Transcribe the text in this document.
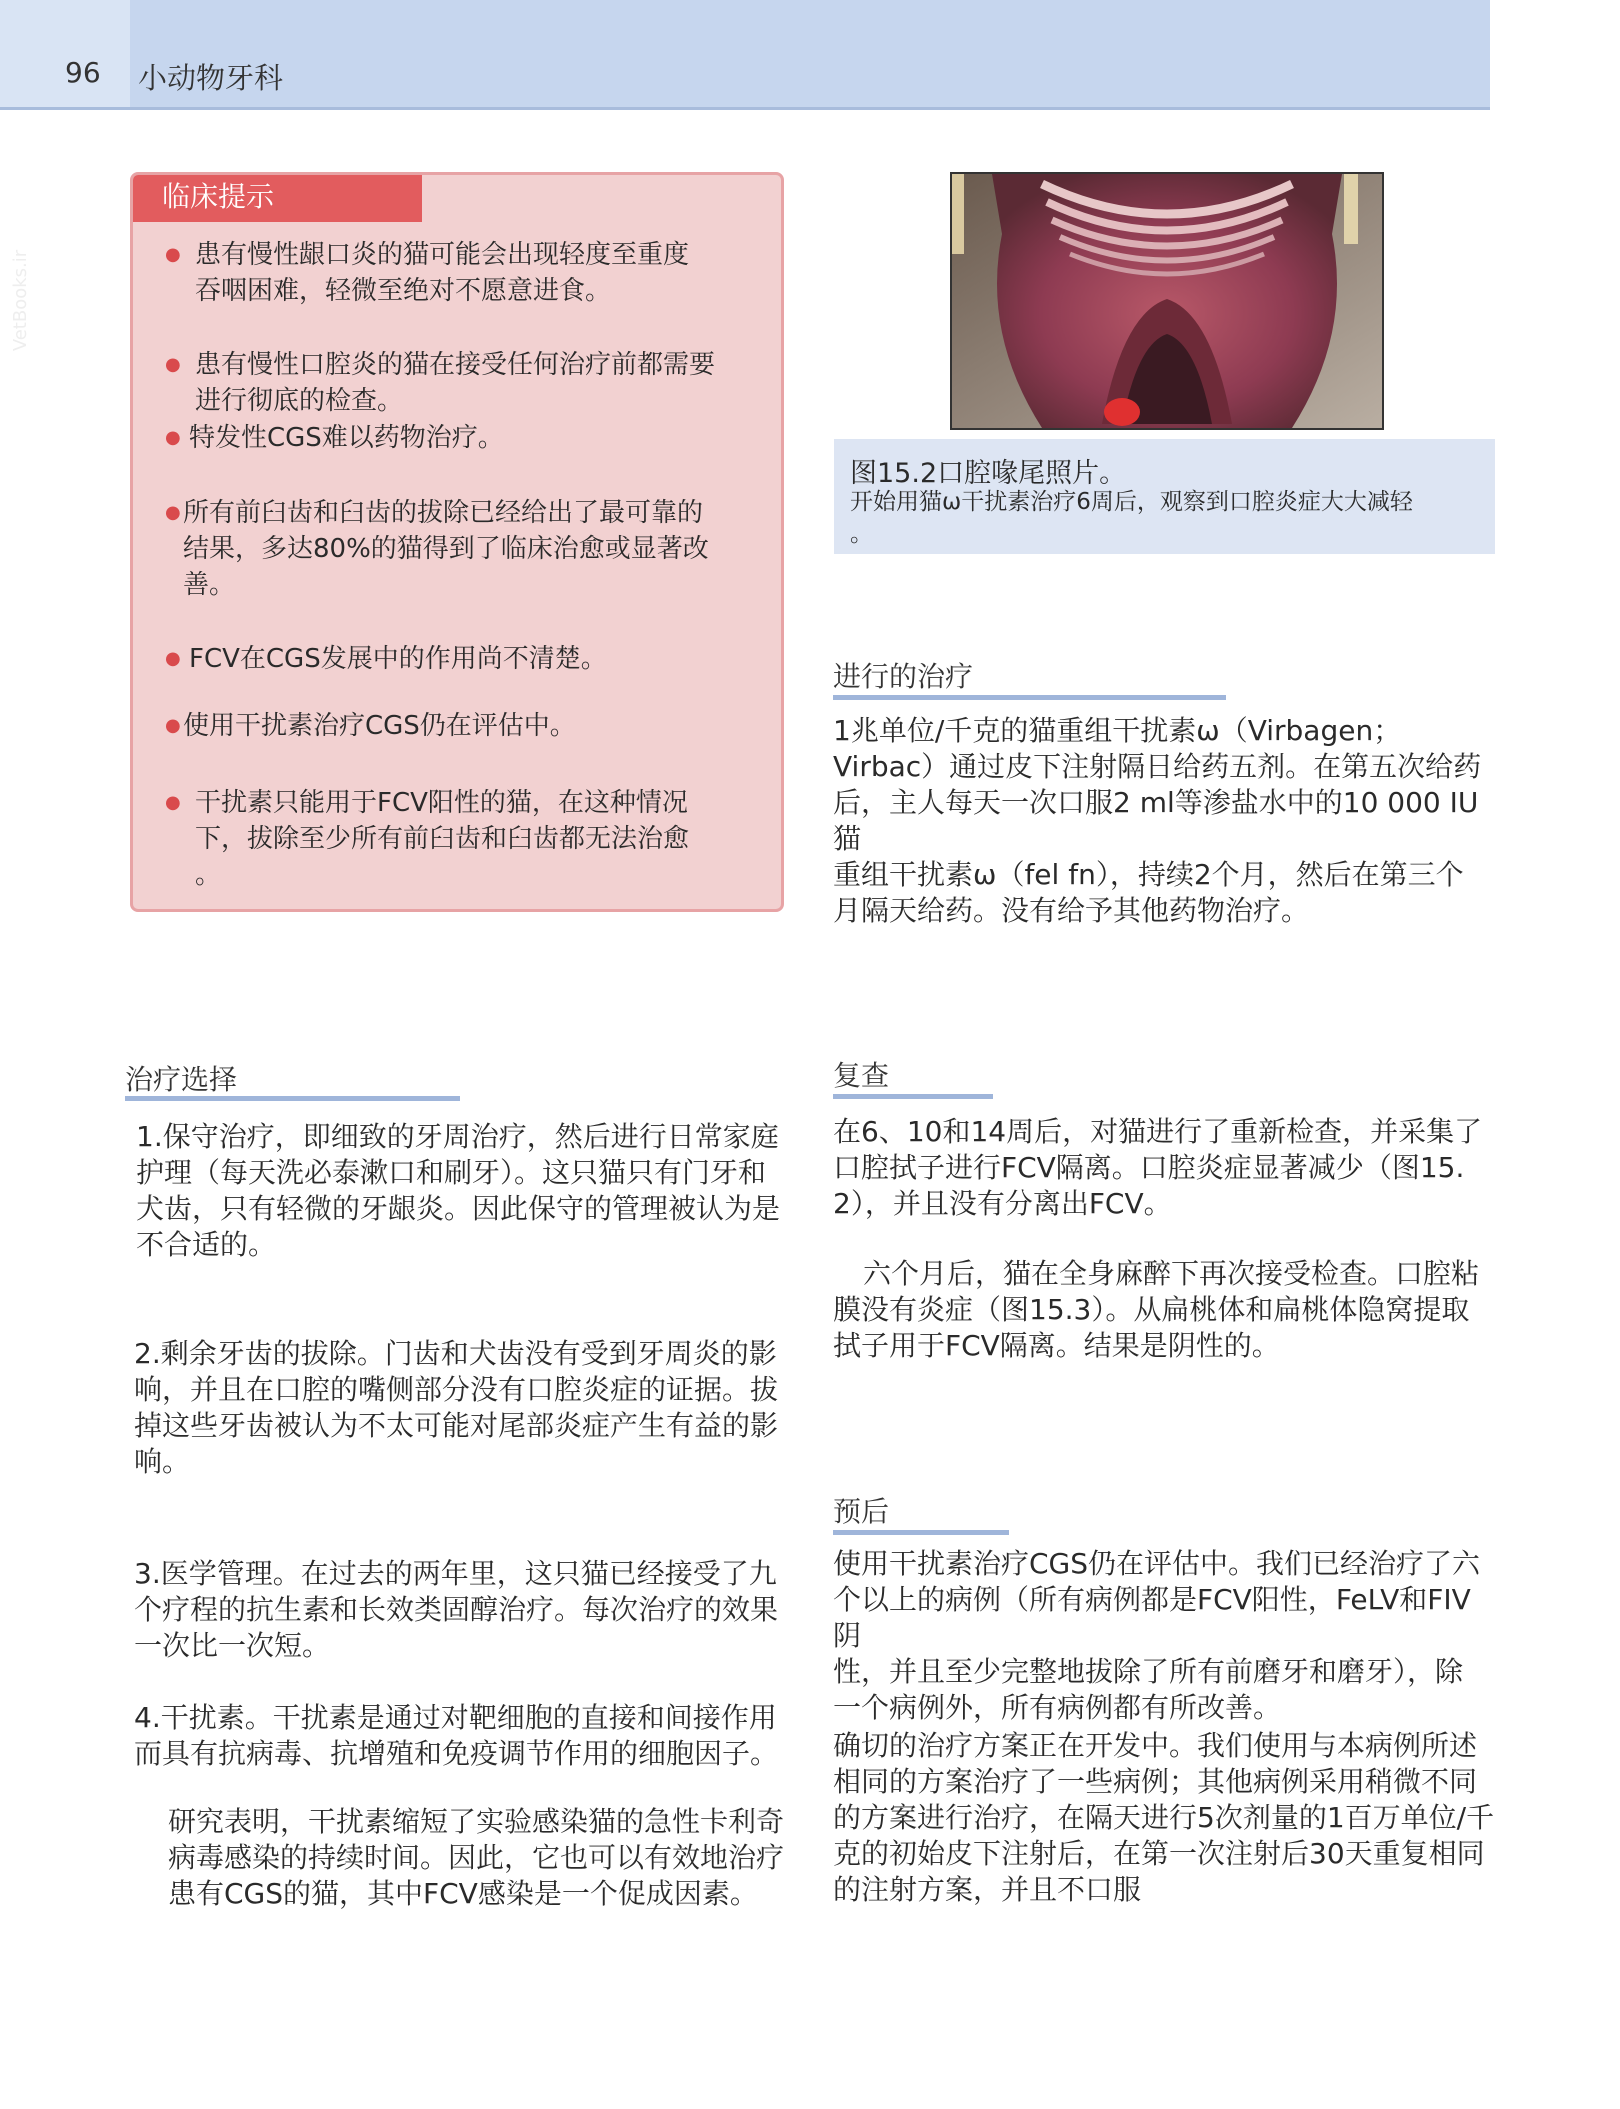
96 小动物牙科
VetBooks.ir
临床提示
● 患有慢性龈口炎的猫可能会出现轻度至重度
吞咽困难，轻微至绝对不愿意进食。
● 患有慢性口腔炎的猫在接受任何治疗前都需要
进行彻底的检查。
● 特发性CGS难以药物治疗。
● 所有前臼齿和臼齿的拔除已经给出了最可靠的
结果，多达80%的猫得到了临床治愈或显著改
善。
● FCV在CGS发展中的作用尚不清楚。
● 使用干扰素治疗CGS仍在评估中。
● 干扰素只能用于FCV阳性的猫，在这种情况
下，拔除至少所有前臼齿和臼齿都无法治愈
。
图15.2口腔喙尾照片。
开始用猫ω干扰素治疗6周后，观察到口腔炎症大大减轻
。
进行的治疗
1兆单位/千克的猫重组干扰素ω（Virbagen；
Virbac）通过皮下注射隔日给药五剂。在第五次给药
后，主人每天一次口服2 ml等渗盐水中的10 000 IU猫
重组干扰素ω（fel fn），持续2个月，然后在第三个
月隔天给药。没有给予其他药物治疗。
治疗选择
1.保守治疗，即细致的牙周治疗，然后进行日常家庭
护理（每天洗必泰漱口和刷牙）。这只猫只有门牙和
犬齿，只有轻微的牙龈炎。因此保守的管理被认为是
不合适的。
2.剩余牙齿的拔除。门齿和犬齿没有受到牙周炎的影
响，并且在口腔的嘴侧部分没有口腔炎症的证据。拔
掉这些牙齿被认为不太可能对尾部炎症产生有益的影
响。
3.医学管理。在过去的两年里，这只猫已经接受了九
个疗程的抗生素和长效类固醇治疗。每次治疗的效果
一次比一次短。
4.干扰素。干扰素是通过对靶细胞的直接和间接作用
而具有抗病毒、抗增殖和免疫调节作用的细胞因子。
研究表明，干扰素缩短了实验感染猫的急性卡利奇
病毒感染的持续时间。因此，它也可以有效地治疗
患有CGS的猫，其中FCV感染是一个促成因素。
复查
在6、10和14周后，对猫进行了重新检查，并采集了
口腔拭子进行FCV隔离。口腔炎症显著减少（图15.
2），并且没有分离出FCV。
六个月后，猫在全身麻醉下再次接受检查。口腔粘
膜没有炎症（图15.3）。从扁桃体和扁桃体隐窝提取
拭子用于FCV隔离。结果是阴性的。
预后
使用干扰素治疗CGS仍在评估中。我们已经治疗了六
个以上的病例（所有病例都是FCV阳性，FeLV和FIV阴
性，并且至少完整地拔除了所有前磨牙和磨牙），除
一个病例外，所有病例都有所改善。
确切的治疗方案正在开发中。我们使用与本病例所述
相同的方案治疗了一些病例；其他病例采用稍微不同
的方案进行治疗，在隔天进行5次剂量的1百万单位/千
克的初始皮下注射后，在第一次注射后30天重复相同
的注射方案，并且不口服
